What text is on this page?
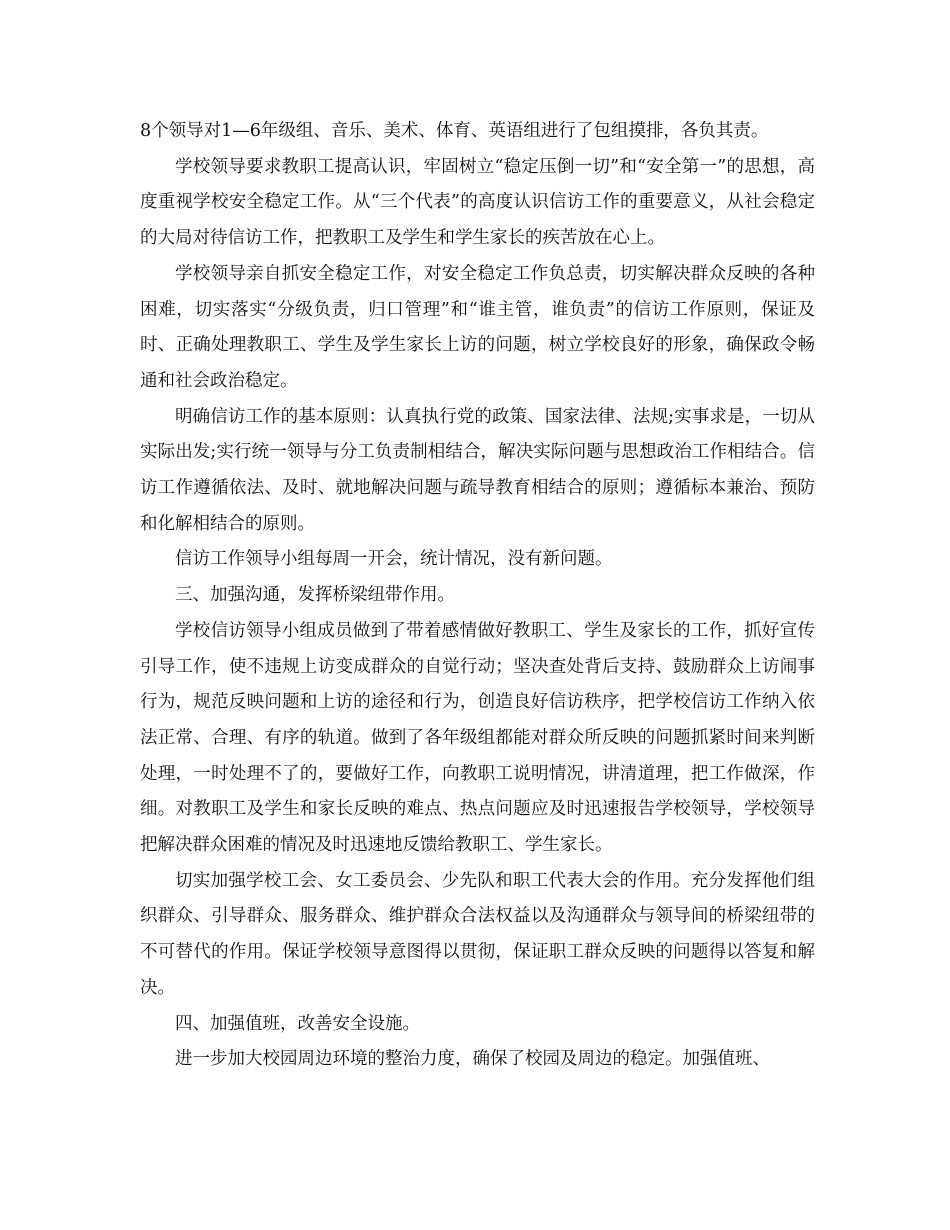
8个领导对1—6年级组、音乐、美术、体育、英语组进行了包组摸排，各负其责。

学校领导要求教职工提高认识，牢固树立“稳定压倒一切”和“安全第一”的思想，高度重视学校安全稳定工作。从“三个代表”的高度认识信访工作的重要意义，从社会稳定的大局对待信访工作，把教职工及学生和学生家长的疾苦放在心上。

学校领导亲自抓安全稳定工作，对安全稳定工作负总责，切实解决群众反映的各种困难，切实落实“分级负责，归口管理”和“谁主管，谁负责”的信访工作原则，保证及时、正确处理教职工、学生及学生家长上访的问题，树立学校良好的形象，确保政令畅通和社会政治稳定。

明确信访工作的基本原则：认真执行党的政策、国家法律、法规;实事求是，一切从实际出发;实行统一领导与分工负责制相结合，解决实际问题与思想政治工作相结合。信访工作遵循依法、及时、就地解决问题与疏导教育相结合的原则；遵循标本兼治、预防和化解相结合的原则。

信访工作领导小组每周一开会，统计情况，没有新问题。

三、加强沟通，发挥桥梁纽带作用。

学校信访领导小组成员做到了带着感情做好教职工、学生及家长的工作，抓好宣传引导工作，使不违规上访变成群众的自觉行动；坚决查处背后支持、鼓励群众上访闹事行为，规范反映问题和上访的途径和行为，创造良好信访秩序，把学校信访工作纳入依法正常、合理、有序的轨道。做到了各年级组都能对群众所反映的问题抓紧时间来判断处理，一时处理不了的，要做好工作，向教职工说明情况，讲清道理，把工作做深，作细。对教职工及学生和家长反映的难点、热点问题应及时迅速报告学校领导，学校领导把解决群众困难的情况及时迅速地反馈给教职工、学生家长。

切实加强学校工会、女工委员会、少先队和职工代表大会的作用。充分发挥他们组织群众、引导群众、服务群众、维护群众合法权益以及沟通群众与领导间的桥梁纽带的不可替代的作用。保证学校领导意图得以贯彻，保证职工群众反映的问题得以答复和解决。

四、加强值班，改善安全设施。

进一步加大校园周边环境的整治力度，确保了校园及周边的稳定。加强值班、
